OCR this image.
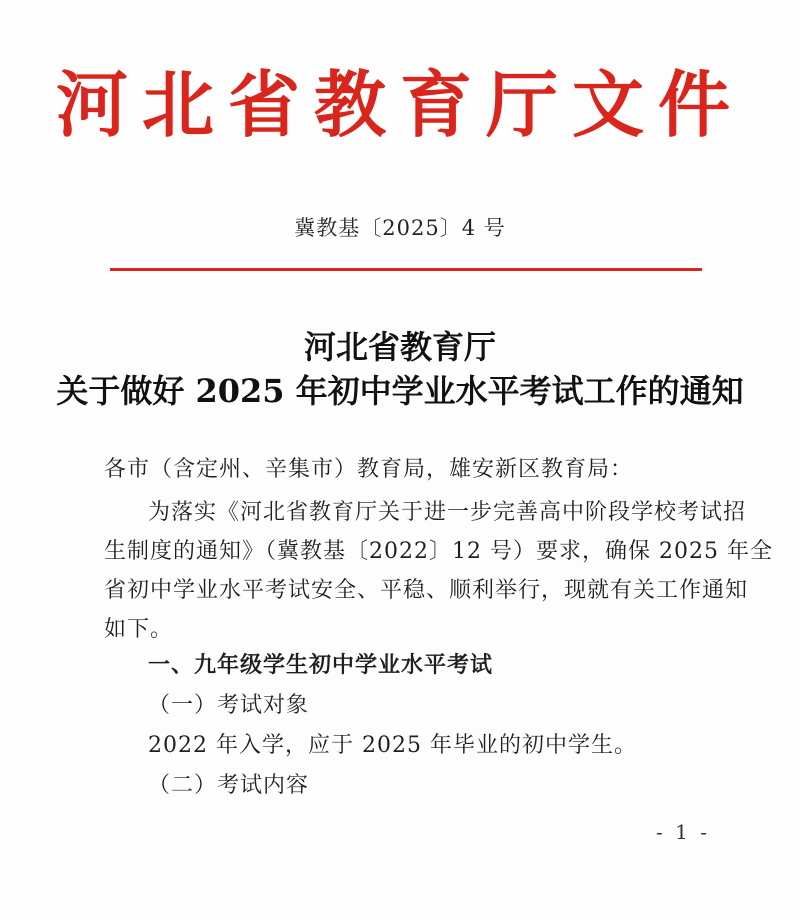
河北省教育厅文件
冀教基〔2025〕4 号
河北省教育厅
关于做好 2025 年初中学业水平考试工作的通知
各市（含定州、辛集市）教育局，雄安新区教育局：
为落实《河北省教育厅关于进一步完善高中阶段学校考试招
生制度的通知》（冀教基〔2022〕12 号）要求，确保 2025 年全
省初中学业水平考试安全、平稳、顺利举行，现就有关工作通知
如下。
一、九年级学生初中学业水平考试
（一）考试对象
2022 年入学，应于 2025 年毕业的初中学生。
（二）考试内容
- 1 -
